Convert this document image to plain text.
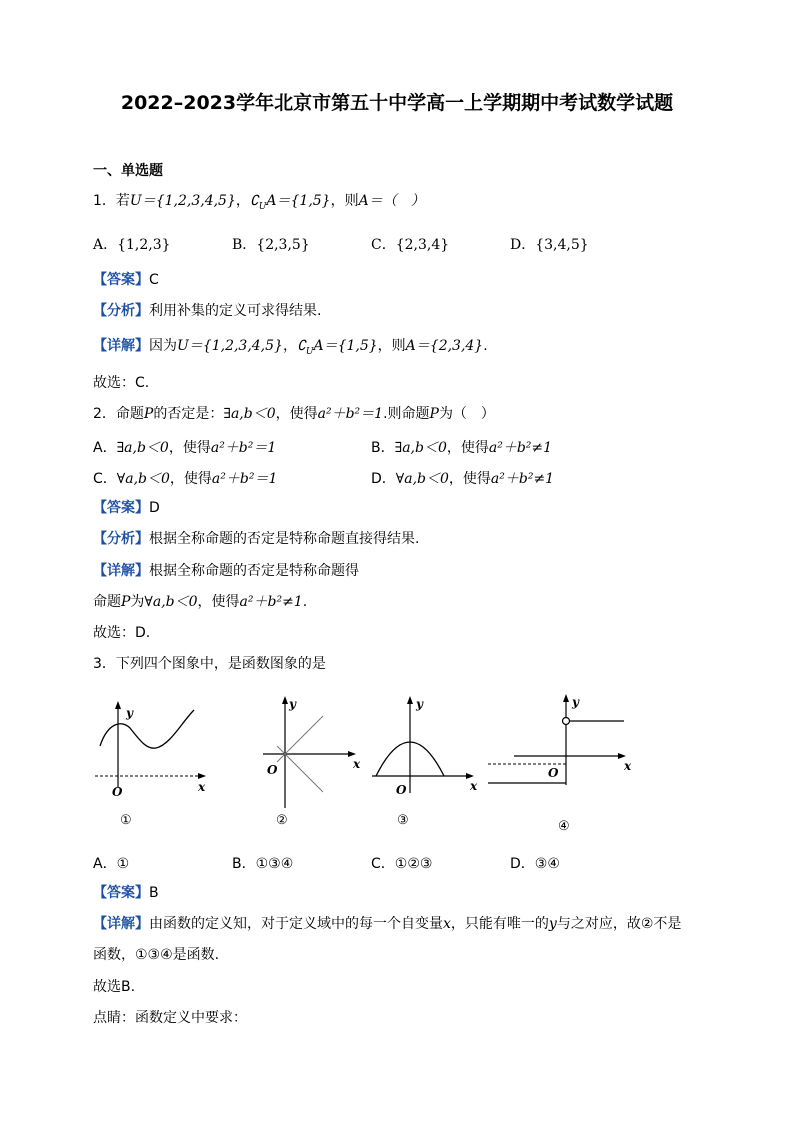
2022–2023学年北京市第五十中学高一上学期期中考试数学试题
一、单选题
1．若U＝{1,2,3,4,5}，$∁_UA=\{1,5\}$，则A＝（　）
A．{1,2,3}	B．{2,3,5}	C．{2,3,4}	D．{3,4,5}
【答案】C
【分析】利用补集的定义可求得结果.
【详解】因为U＝{1,2,3,4,5}，$∁_UA=\{1,5\}$，则A＝{2,3,4}.
故选：C.
2．命题P的否定是：∃a,b＜0，使得a²＋b²＝1.则命题P为（　）
A．∃a,b＜0，使得a²＋b²＝1	B．∃a,b＜0，使得a²＋b²≠1
C．∀a,b＜0，使得a²＋b²＝1	D．∀a,b＜0，使得a²＋b²≠1
【答案】D
【分析】根据全称命题的否定是特称命题直接得结果.
【详解】根据全称命题的否定是特称命题得
命题P为∀a,b＜0，使得a²＋b²≠1.
故选：D.
3．下列四个图象中，是函数图象的是
y
x
O
①
y
x
O
②
y
x
O
③
y
x
O
④
A．①	B．①③④	C．①②③	D．③④
【答案】B
【详解】由函数的定义知，对于定义域中的每一个自变量x，只能有唯一的y与之对应，故②不是
函数，①③④是函数.
故选B.
点睛：函数定义中要求：
